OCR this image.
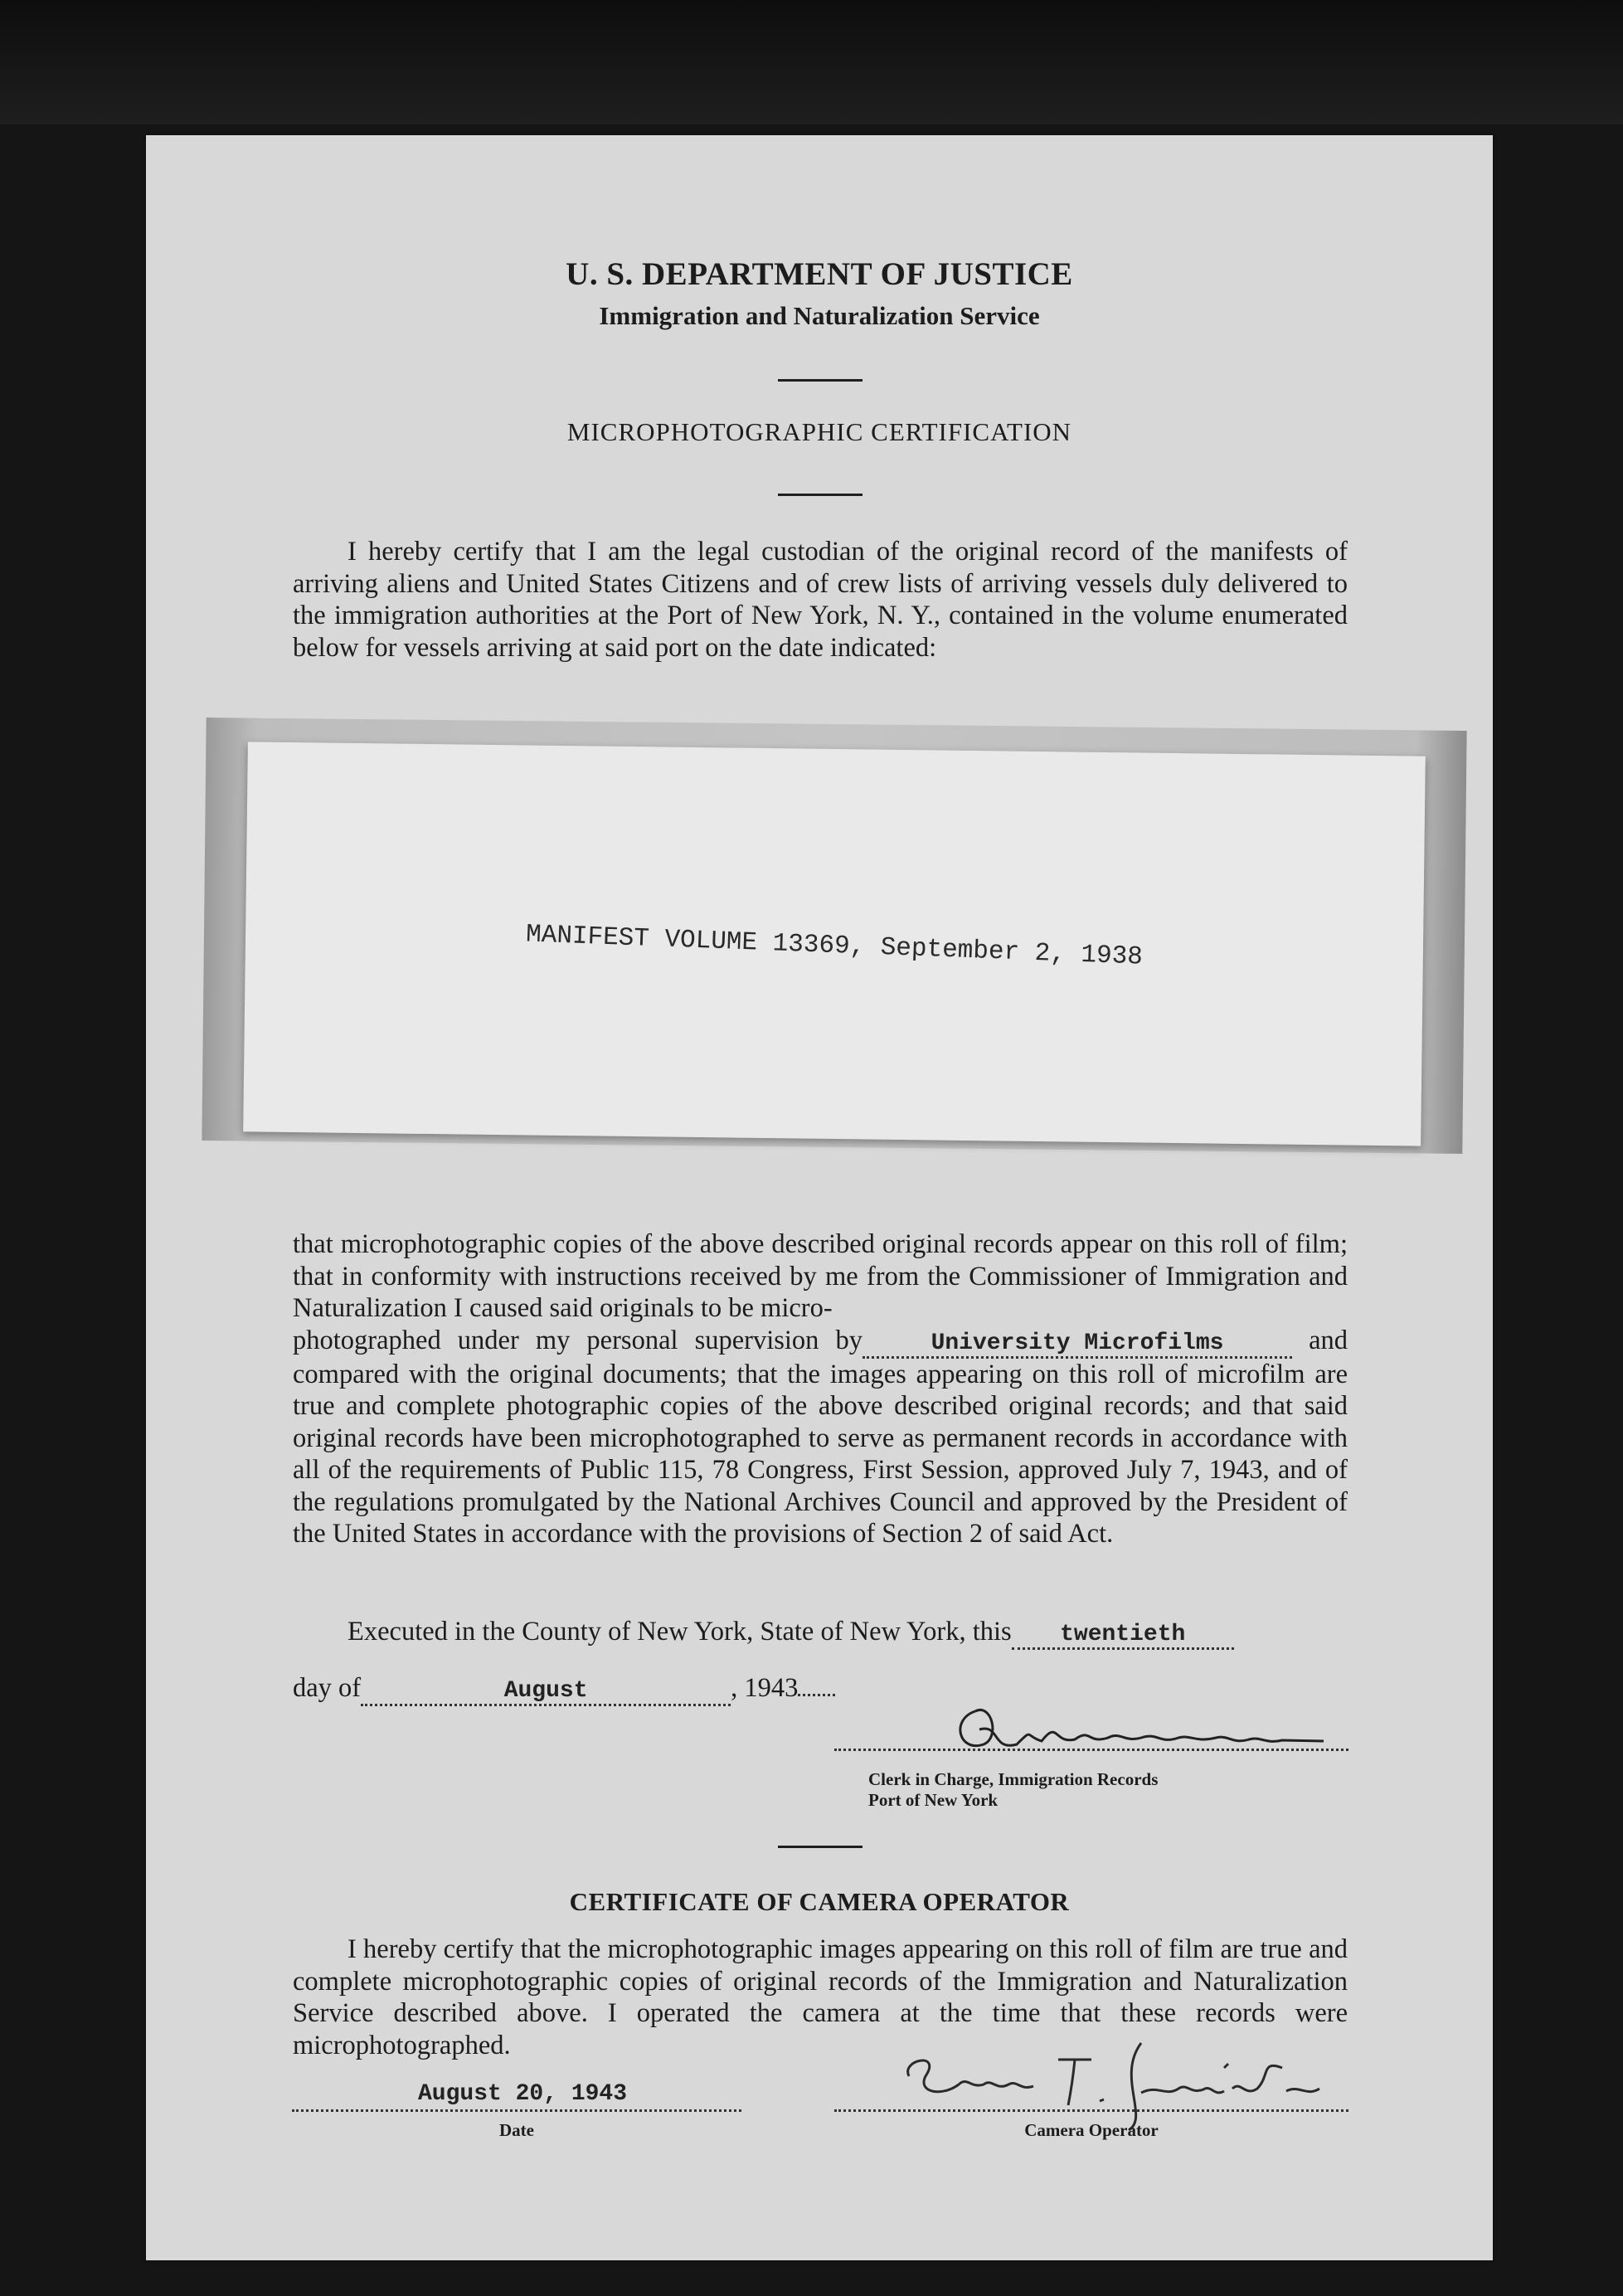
U. S. DEPARTMENT OF JUSTICE
Immigration and Naturalization Service
MICROPHOTOGRAPHIC CERTIFICATION

I hereby certify that I am the legal custodian of the original record of the manifests of arriving aliens and United States Citizens and of crew lists of arriving vessels duly delivered to the immigration authorities at the Port of New York, N. Y., contained in the volume enumerated below for vessels arriving at said port on the date indicated:

MANIFEST VOLUME 13369, September 2, 1938

that microphotographic copies of the above described original records appear on this roll of film; that in conformity with instructions received by me from the Commissioner of Immigration and Naturalization I caused said originals to be micro-
photographed under my personal supervision by	University Microfilms	and compared with the original documents; that the images appearing on this roll of microfilm are true and complete photographic copies of the above described original records; and that said original records have been microphotographed to serve as permanent records in accordance with all of the requirements of Public 115, 78 Congress, First Session, approved July 7, 1943, and of the regulations promulgated by the National Archives Council and approved by the President of the United States in accordance with the provisions of Section 2 of said Act.

Executed in the County of New York, State of New York, this twentieth
day of	August	, 1943
Clerk in Charge, Immigration Records
Port of New York
CERTIFICATE OF CAMERA OPERATOR

I hereby certify that the microphotographic images appearing on this roll of film are true and complete microphotographic copies of original records of the Immigration and Naturalization Service described above. I operated the camera at the time that these records were microphotographed.

August 20, 1943
Date	Camera Operator
